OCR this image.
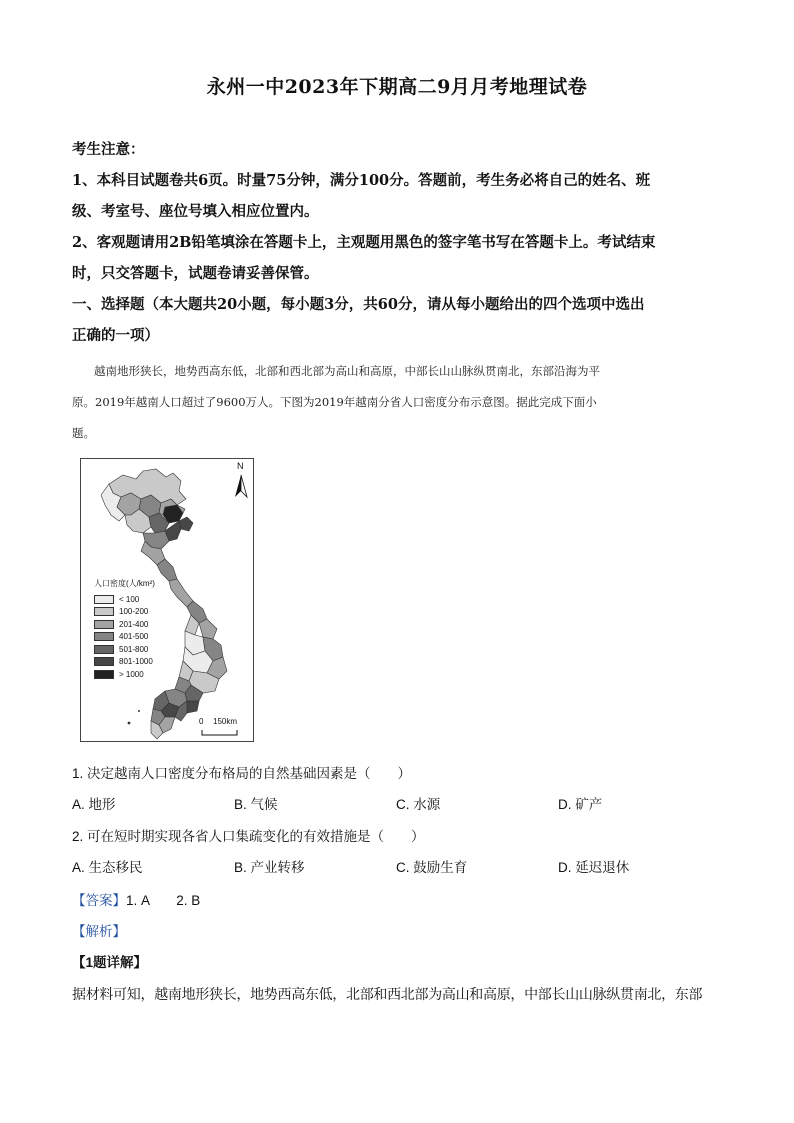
永州一中2023年下期高二9月月考地理试卷
考生注意：
1、本科目试题卷共6页。时量75分钟，满分100分。答题前，考生务必将自己的姓名、班
级、考室号、座位号填入相应位置内。
2、客观题请用2B铅笔填涂在答题卡上，主观题用黑色的签字笔书写在答题卡上。考试结束
时，只交答题卡，试题卷请妥善保管。
一、选择题（本大题共20小题，每小题3分，共60分，请从每小题给出的四个选项中选出
正确的一项）
越南地形狭长，地势西高东低，北部和西北部为高山和高原，中部长山山脉纵贯南北，东部沿海为平
原。2019年越南人口超过了9600万人。下图为2019年越南分省人口密度分布示意图。据此完成下面小
题。
N
人口密度(人/km²)
< 100
100-200
201-400
401-500
501-800
801-1000
> 1000
0 150km
1. 决定越南人口密度分布格局的自然基础因素是（　　）
A. 地形	B. 气候	C. 水源	D. 矿产
2. 可在短时期实现各省人口集疏变化的有效措施是（　　）
A. 生态移民	B. 产业转移	C. 鼓励生育	D. 延迟退休
【答案】1. A　　2. B
【解析】
【1题详解】
据材料可知，越南地形狭长，地势西高东低，北部和西北部为高山和高原，中部长山山脉纵贯南北，东部
